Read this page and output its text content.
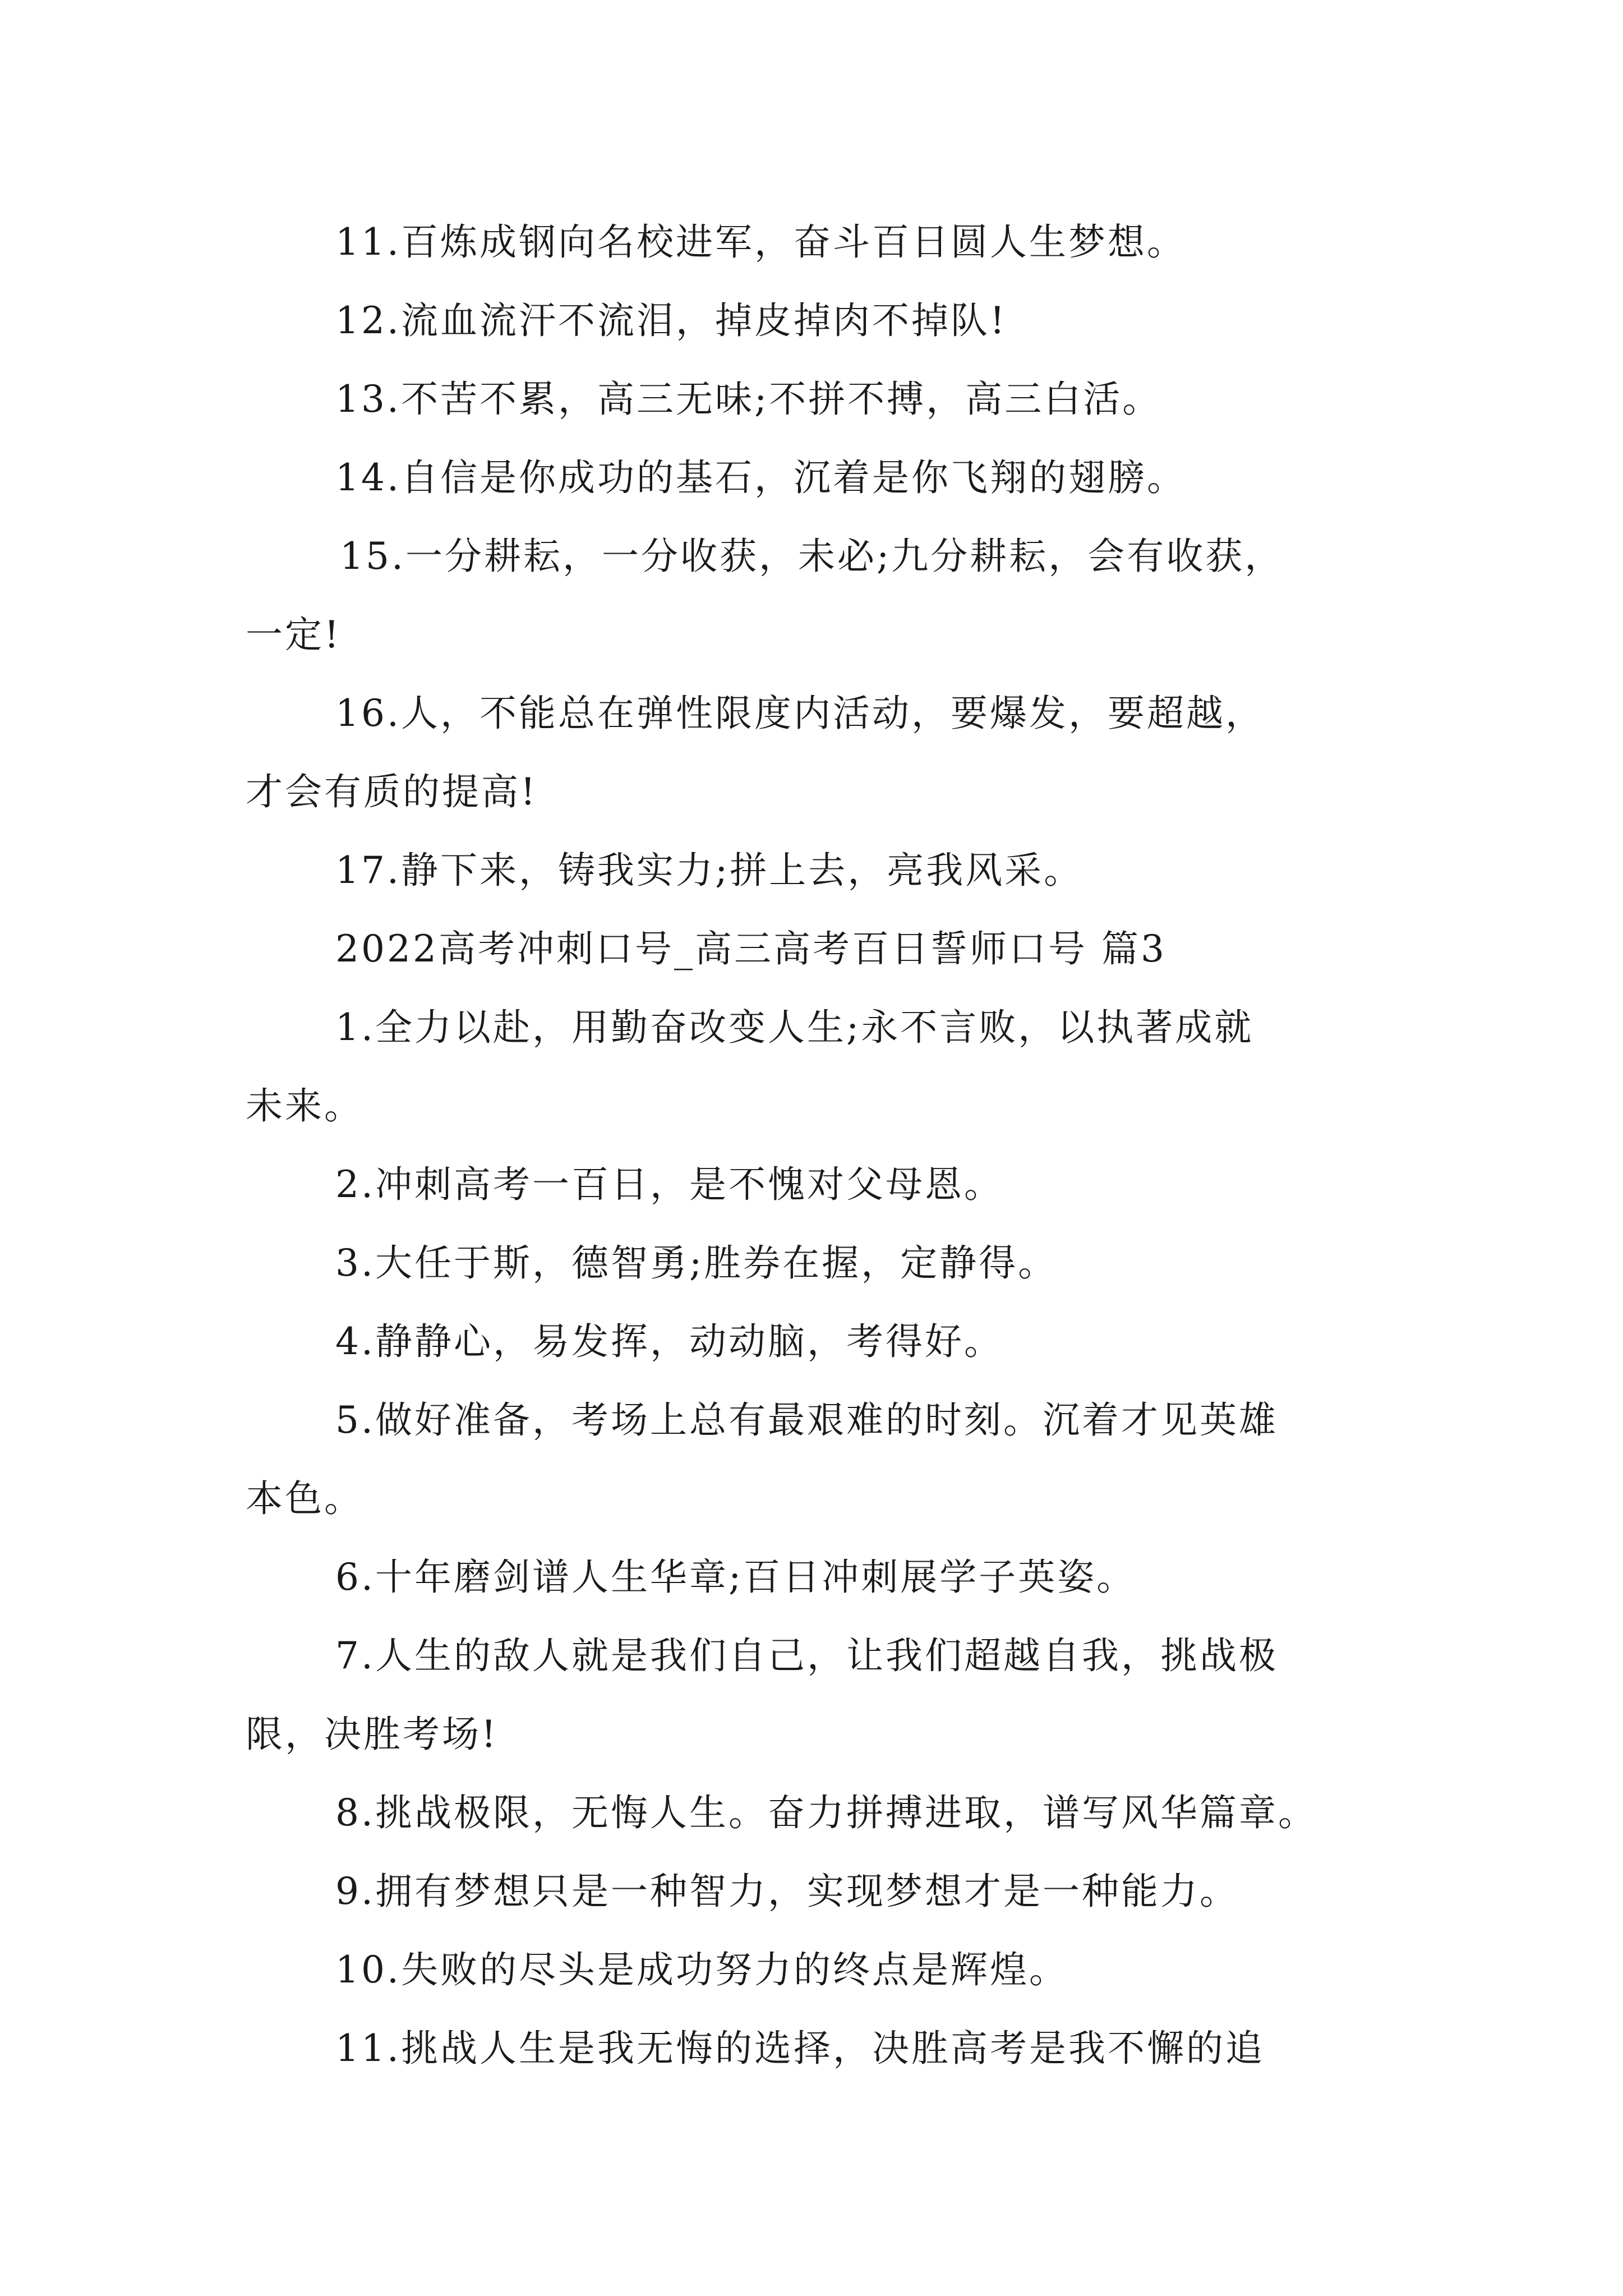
11.百炼成钢向名校进军，奋斗百日圆人生梦想。
12.流血流汗不流泪，掉皮掉肉不掉队!
13.不苦不累，高三无味;不拼不搏，高三白活。
14.自信是你成功的基石，沉着是你飞翔的翅膀。
15.一分耕耘，一分收获，未必;九分耕耘，会有收获，
一定!
16.人，不能总在弹性限度内活动，要爆发，要超越，
才会有质的提高!
17.静下来，铸我实力;拼上去，亮我风采。
2022高考冲刺口号_高三高考百日誓师口号 篇3
1.全力以赴，用勤奋改变人生;永不言败，以执著成就
未来。
2.冲刺高考一百日，是不愧对父母恩。
3.大任于斯，德智勇;胜券在握，定静得。
4.静静心，易发挥，动动脑，考得好。
5.做好准备，考场上总有最艰难的时刻。沉着才见英雄
本色。
6.十年磨剑谱人生华章;百日冲刺展学子英姿。
7.人生的敌人就是我们自己，让我们超越自我，挑战极
限，决胜考场!
8.挑战极限，无悔人生。奋力拼搏进取，谱写风华篇章。
9.拥有梦想只是一种智力，实现梦想才是一种能力。
10.失败的尽头是成功努力的终点是辉煌。
11.挑战人生是我无悔的选择，决胜高考是我不懈的追
